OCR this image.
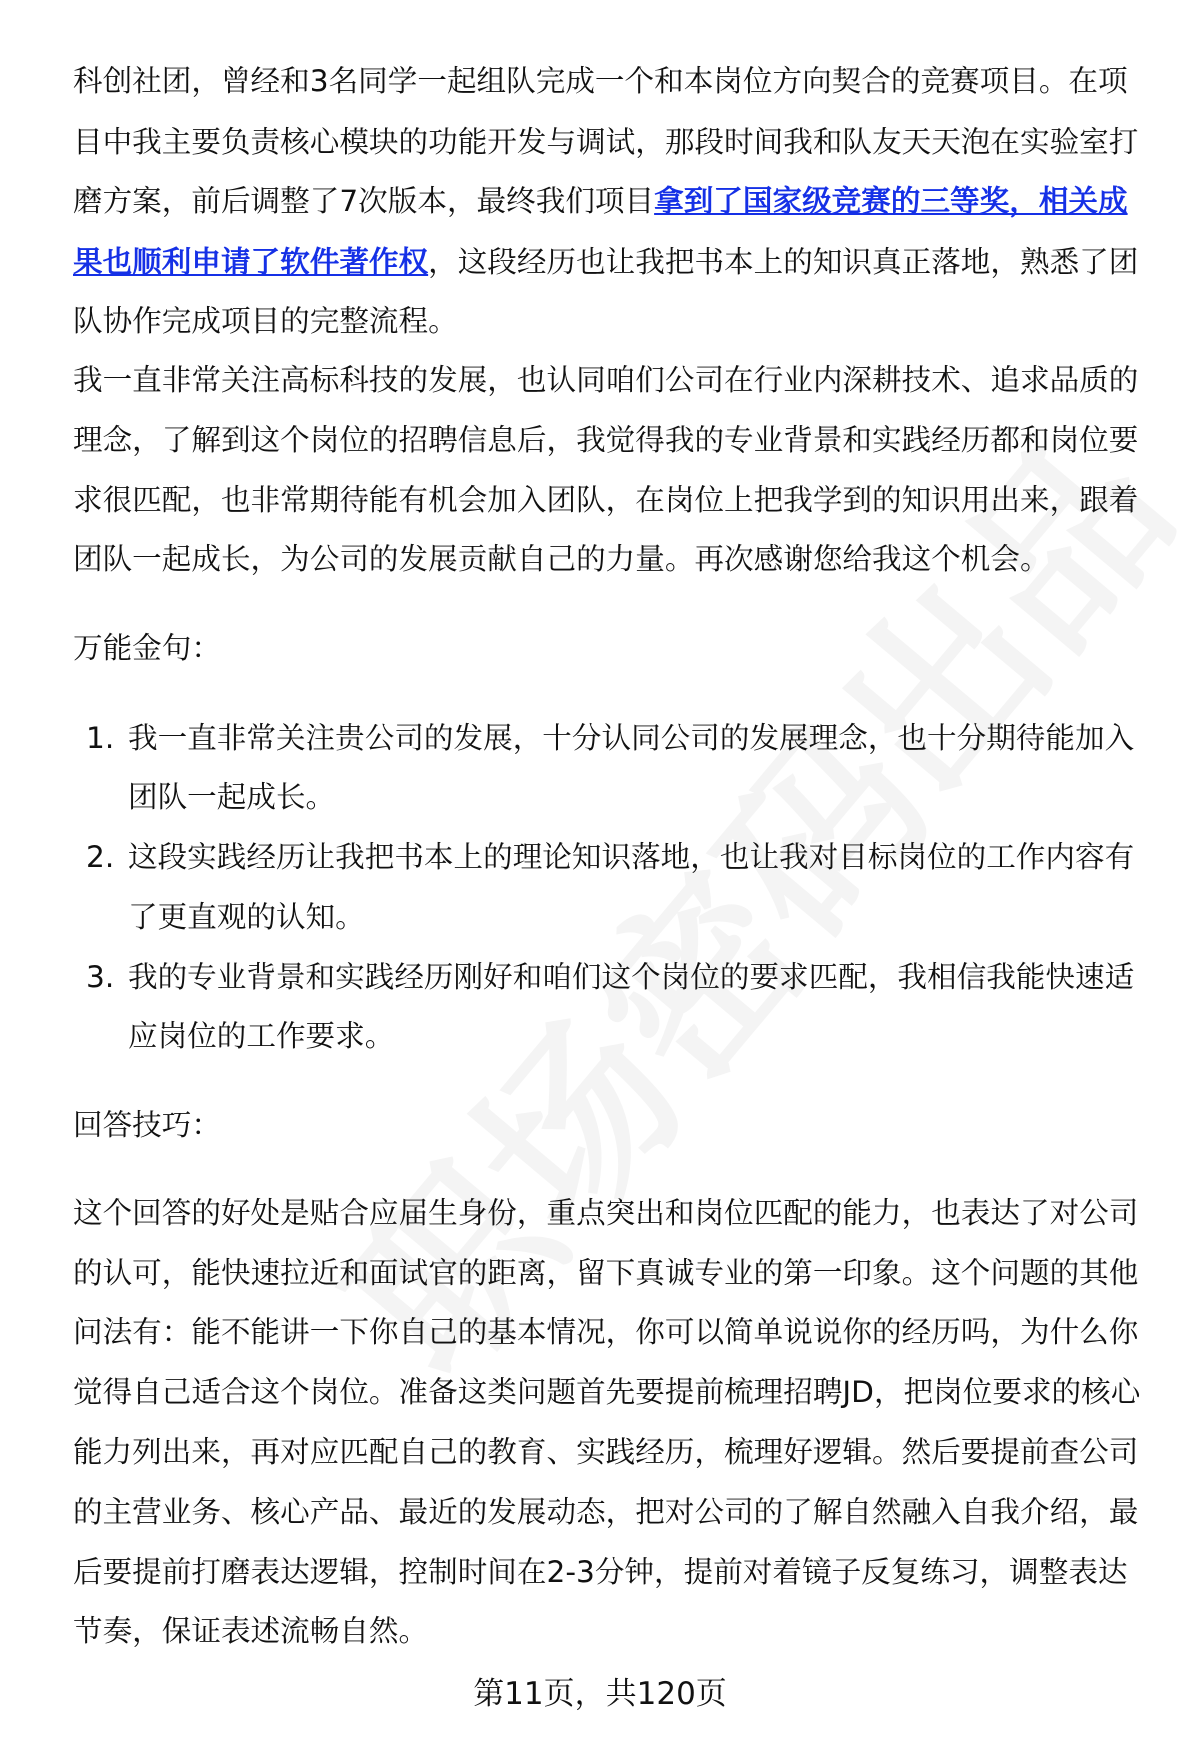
科创社团，曾经和3名同学一起组队完成一个和本岗位方向契合的竞赛项目。在项
目中我主要负责核心模块的功能开发与调试，那段时间我和队友天天泡在实验室打
磨方案，前后调整了7次版本，最终我们项目拿到了国家级竞赛的三等奖，相关成
果也顺利申请了软件著作权，这段经历也让我把书本上的知识真正落地，熟悉了团
队协作完成项目的完整流程。
我一直非常关注高标科技的发展，也认同咱们公司在行业内深耕技术、追求品质的
理念，了解到这个岗位的招聘信息后，我觉得我的专业背景和实践经历都和岗位要
求很匹配，也非常期待能有机会加入团队，在岗位上把我学到的知识用出来，跟着
团队一起成长，为公司的发展贡献自己的力量。再次感谢您给我这个机会。
万能金句：
1. 我一直非常关注贵公司的发展，十分认同公司的发展理念，也十分期待能加入
团队一起成长。
2. 这段实践经历让我把书本上的理论知识落地，也让我对目标岗位的工作内容有
了更直观的认知。
3. 我的专业背景和实践经历刚好和咱们这个岗位的要求匹配，我相信我能快速适
应岗位的工作要求。
回答技巧：
这个回答的好处是贴合应届生身份，重点突出和岗位匹配的能力，也表达了对公司
的认可，能快速拉近和面试官的距离，留下真诚专业的第一印象。这个问题的其他
问法有：能不能讲一下你自己的基本情况，你可以简单说说你的经历吗，为什么你
觉得自己适合这个岗位。准备这类问题首先要提前梳理招聘JD，把岗位要求的核心
能力列出来，再对应匹配自己的教育、实践经历，梳理好逻辑。然后要提前查公司
的主营业务、核心产品、最近的发展动态，把对公司的了解自然融入自我介绍，最
后要提前打磨表达逻辑，控制时间在2-3分钟，提前对着镜子反复练习，调整表达
节奏，保证表述流畅自然。
第11页，共120页
